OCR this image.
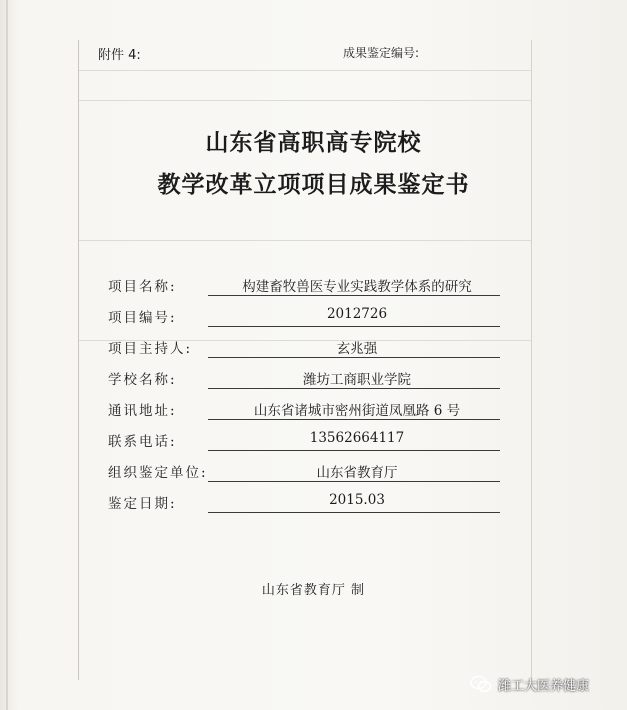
附件 4:	成果鉴定编号:
山东省高职高专院校
教学改革立项项目成果鉴定书
项目名称:	构建畜牧兽医专业实践教学体系的研究
项目编号:	2012726
项目主持人:	玄兆强
学校名称:	潍坊工商职业学院
通讯地址:	山东省诸城市密州街道凤凰路 6 号
联系电话:	13562664117
组织鉴定单位:	山东省教育厅
鉴定日期:	2015.03
山东省教育厅 制
潍工大医养健康
